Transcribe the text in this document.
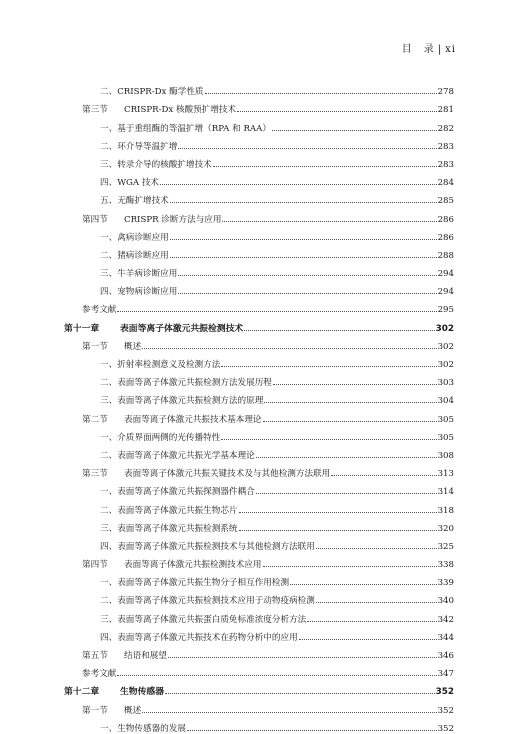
目　录 | xi
二、CRISPR-Dx 酶学性质	278
第三节	CRISPR-Dx 核酸预扩增技术	281
一、基于重组酶的等温扩增（RPA 和 RAA）	282
二、环介导等温扩增	283
三、转录介导的核酸扩增技术	283
四、WGA 技术	284
五、无酶扩增技术	285
第四节	CRISPR 诊断方法与应用	286
一、禽病诊断应用	286
二、猪病诊断应用	288
三、牛羊病诊断应用	294
四、宠物病诊断应用	294
参考文献	295
第十一章	表面等离子体激元共振检测技术	302
第一节	概述	302
一、折射率检测意义及检测方法	302
二、表面等离子体激元共振检测方法发展历程	303
三、表面等离子体激元共振检测方法的原理	304
第二节	表面等离子体激元共振技术基本理论	305
一、介质界面两侧的光传播特性	305
二、表面等离子体激元共振光学基本理论	308
第三节	表面等离子体激元共振关键技术及与其他检测方法联用	313
一、表面等离子体激元共振探测器件耦合	314
二、表面等离子体激元共振生物芯片	318
三、表面等离子体激元共振检测系统	320
四、表面等离子体激元共振检测技术与其他检测方法联用	325
第四节	表面等离子体激元共振检测技术应用	338
一、表面等离子体激元共振生物分子相互作用检测	339
二、表面等离子体激元共振检测技术应用于动物疫病检测	340
三、表面等离子体激元共振蛋白质免标准浓度分析方法	342
四、表面等离子体激元共振技术在药物分析中的应用	344
第五节	结语和展望	346
参考文献	347
第十二章	生物传感器	352
第一节	概述	352
一、生物传感器的发展	352
